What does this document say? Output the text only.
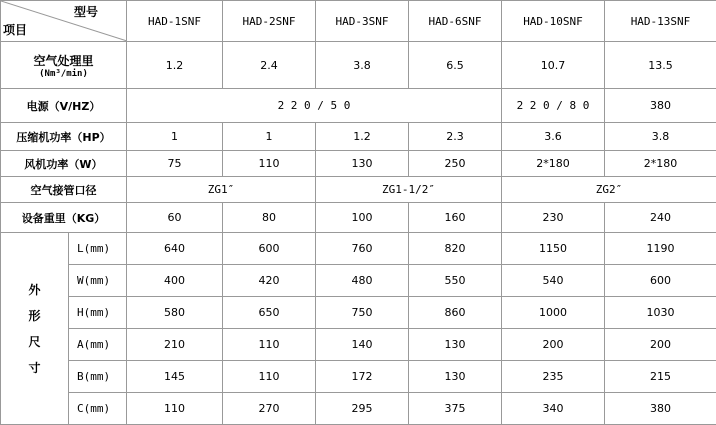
型号
项目		HAD-1SNF	HAD-2SNF	HAD-3SNF	HAD-6SNF	HAD-10SNF	HAD-13SNF
空气处理里
(Nm³/min)		1.2	2.4	3.8	6.5	10.7	13.5
电源（V/HZ）		2 2 0 / 5 0				2 2 0 / 8 0	380
压缩机功率（HP）		1	1	1.2	2.3	3.6	3.8
风机功率（W）		75	110	130	250	2*180	2*180
空气接管口径		ZG1″		ZG1-1/2″		ZG2″	
设备重里（KG）		60	80	100	160	230	240

外
形
尺
寸	L(mm)	640	600	760	820	1150	1190
	W(mm)	400	420	480	550	540	600
	H(mm)	580	650	750	860	1000	1030
	A(mm)	210	110	140	130	200	200
	B(mm)	145	110	172	130	235	215
	C(mm)	110	270	295	375	340	380
